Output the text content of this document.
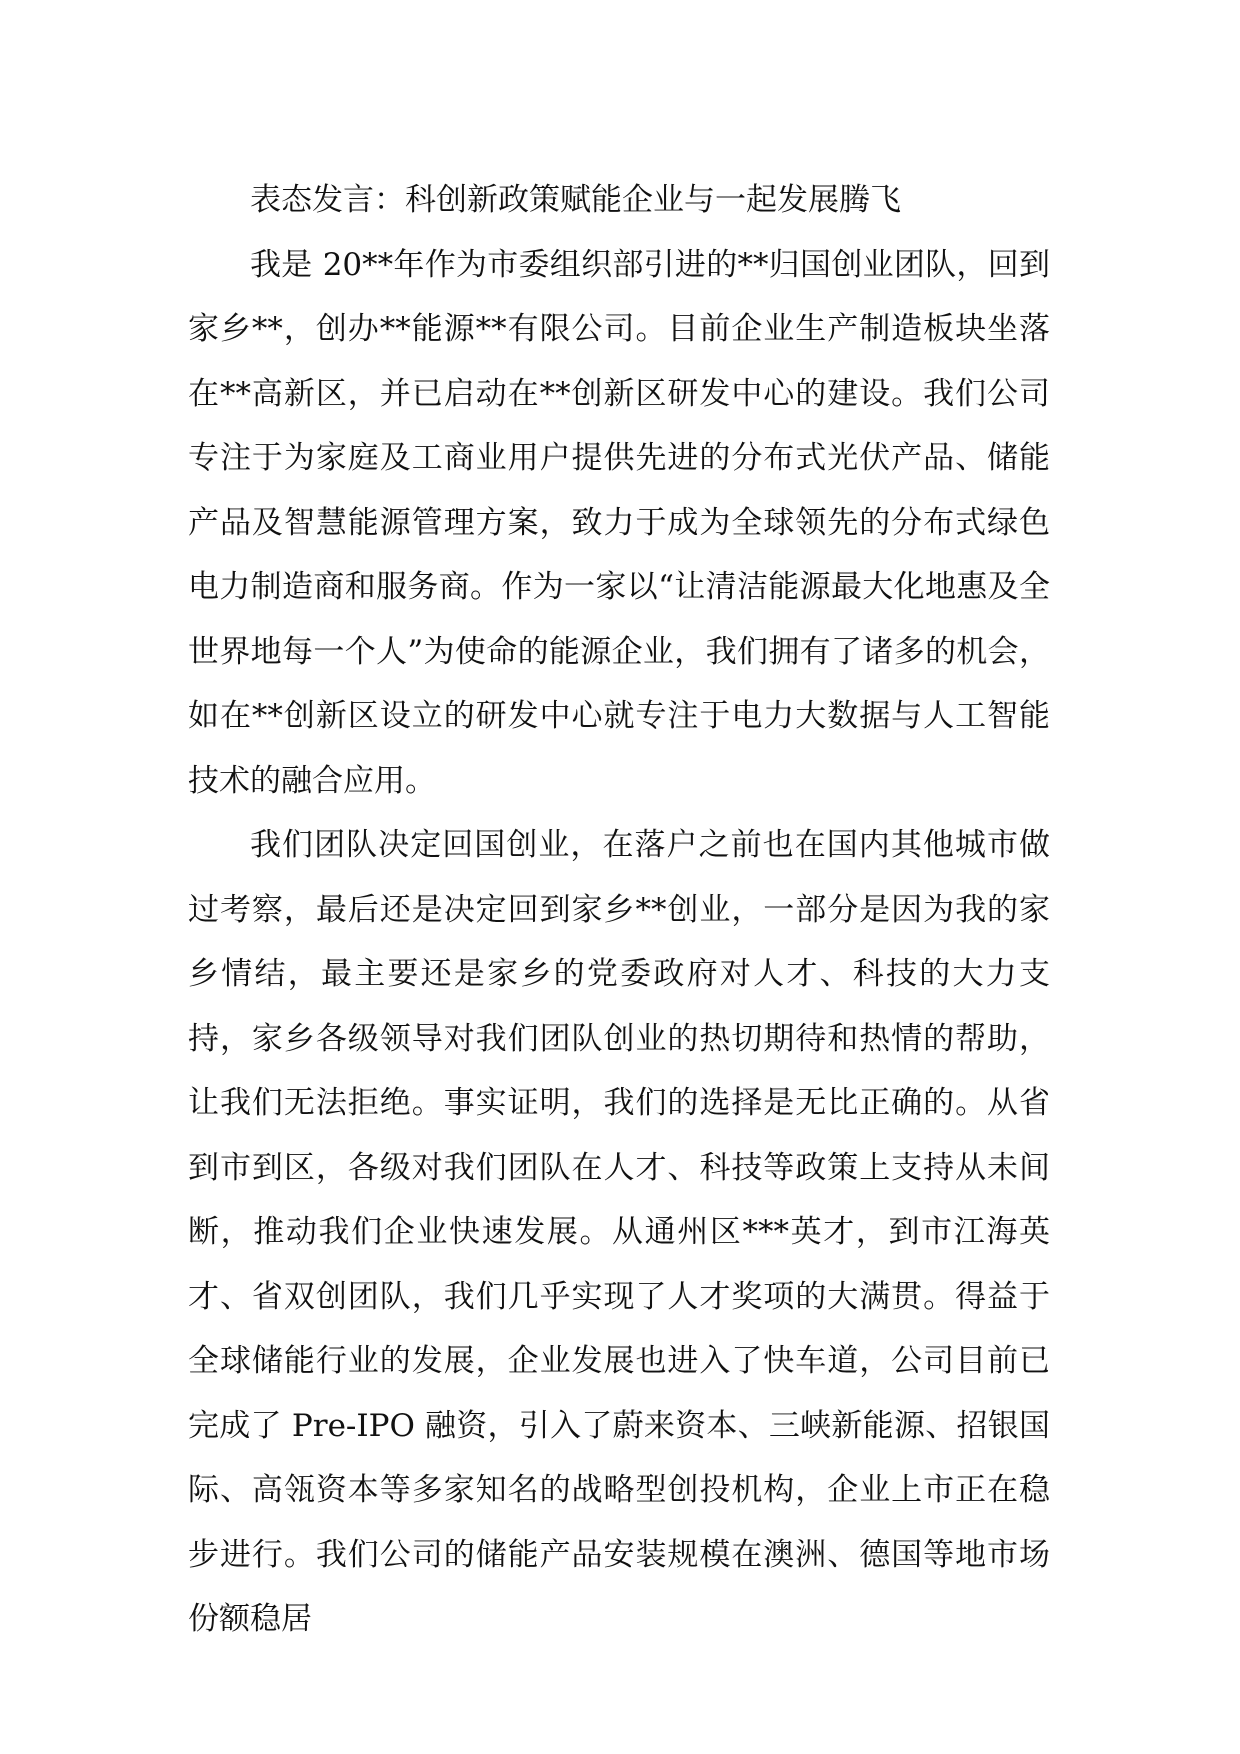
表态发言：科创新政策赋能企业与一起发展腾飞

我是 20**年作为市委组织部引进的**归国创业团队，回到家乡**，创办**能源**有限公司。目前企业生产制造板块坐落在**高新区，并已启动在**创新区研发中心的建设。我们公司专注于为家庭及工商业用户提供先进的分布式光伏产品、储能产品及智慧能源管理方案，致力于成为全球领先的分布式绿色电力制造商和服务商。作为一家以“让清洁能源最大化地惠及全世界地每一个人”为使命的能源企业，我们拥有了诸多的机会，如在**创新区设立的研发中心就专注于电力大数据与人工智能技术的融合应用。

我们团队决定回国创业，在落户之前也在国内其他城市做过考察，最后还是决定回到家乡**创业，一部分是因为我的家乡情结，最主要还是家乡的党委政府对人才、科技的大力支持，家乡各级领导对我们团队创业的热切期待和热情的帮助，让我们无法拒绝。事实证明，我们的选择是无比正确的。从省到市到区，各级对我们团队在人才、科技等政策上支持从未间断，推动我们企业快速发展。从通州区***英才，到市江海英才、省双创团队，我们几乎实现了人才奖项的大满贯。得益于全球储能行业的发展，企业发展也进入了快车道，公司目前已完成了 Pre-IPO 融资，引入了蔚来资本、三峡新能源、招银国际、高瓴资本等多家知名的战略型创投机构，企业上市正在稳步进行。我们公司的储能产品安装规模在澳洲、德国等地市场份额稳居
